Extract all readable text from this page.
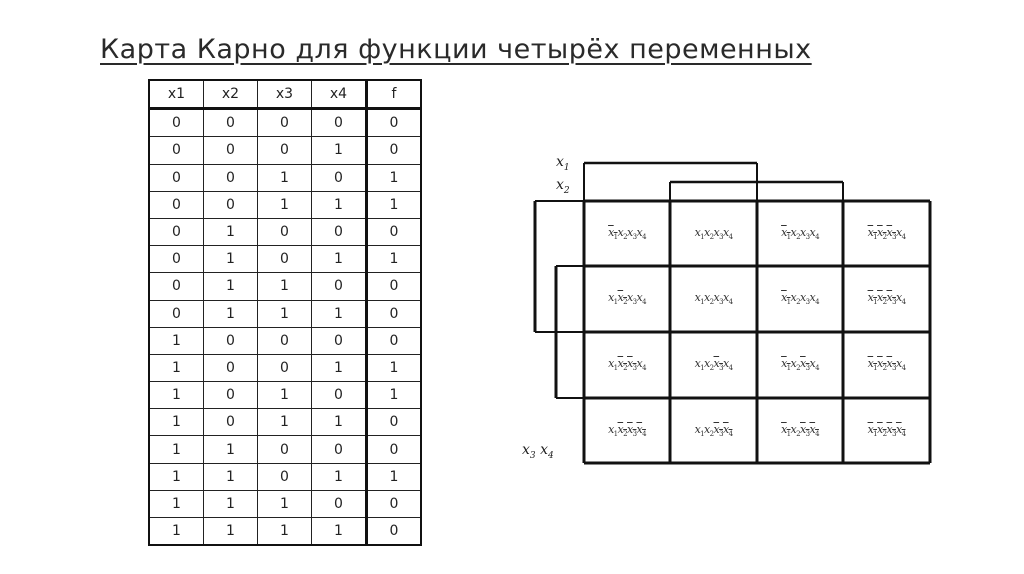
Карта Карно для функции четырёх переменных
x1	x2	x3	x4	f
0	0	0	0	0
0	0	0	1	0
0	0	1	0	1
0	0	1	1	1
0	1	0	0	0
0	1	0	1	1
0	1	1	0	0
0	1	1	1	0
1	0	0	0	0
1	0	0	1	1
1	0	1	0	1
1	0	1	1	0
1	1	0	0	0
1	1	0	1	1
1	1	1	0	0
1	1	1	1	0
$x_1$
$x_2$
$x_3$ $x_4$
$x_1$ $x_2$ $x_3$ $x_4$	$x_1$ $x_2$ $x_3$ $x_4$	$x_1$ $x_2$ $x_3$ $x_4$	$x_1$ $x_2$ $x_3$ $x_4$
$x_1$ $x_2$ $x_3$ $x_4$	$x_1$ $x_2$ $x_3$ $x_4$	$x_1$ $x_2$ $x_3$ $x_4$	$x_1$ $x_2$ $x_3$ $x_4$
$x_1$ $x_2$ $x_3$ $x_4$	$x_1$ $x_2$ $x_3$ $x_4$	$x_1$ $x_2$ $x_3$ $x_4$	$x_1$ $x_2$ $x_3$ $x_4$
$x_1$ $x_2$ $x_3$ $x_4$	$x_1$ $x_2$ $x_3$ $x_4$	$x_1$ $x_2$ $x_3$ $x_4$	$x_1$ $x_2$ $x_3$ $x_4$
